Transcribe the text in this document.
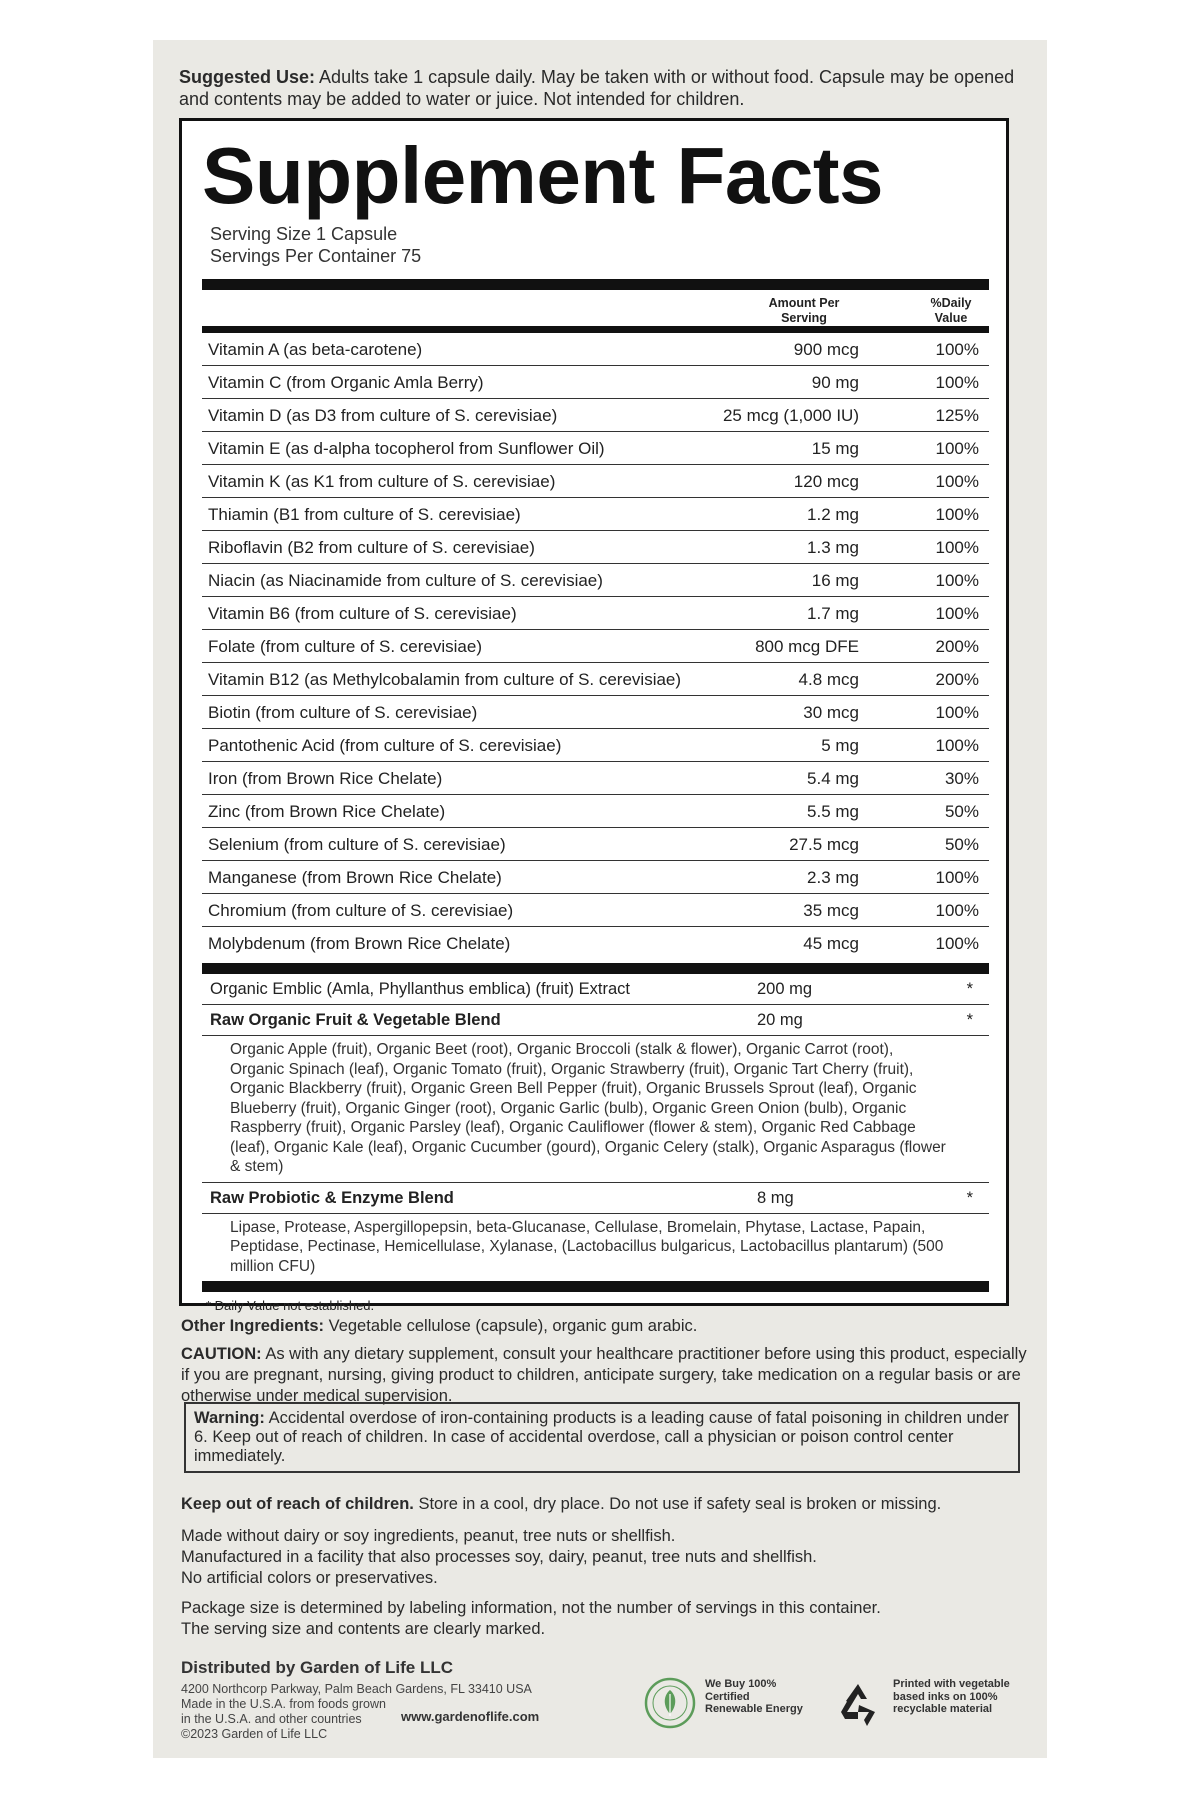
Suggested Use: Adults take 1 capsule daily. May be taken with or without food. Capsule may be opened and contents may be added to water or juice. Not intended for children.
Supplement Facts
Serving Size 1 Capsule
Servings Per Container 75
Amount Per Serving
%Daily Value
Vitamin A (as beta-carotene)	900 mcg	100%
Vitamin C (from Organic Amla Berry)	90 mg	100%
Vitamin D (as D3 from culture of S. cerevisiae)	25 mcg (1,000 IU)	125%
Vitamin E (as d-alpha tocopherol from Sunflower Oil)	15 mg	100%
Vitamin K (as K1 from culture of S. cerevisiae)	120 mcg	100%
Thiamin (B1 from culture of S. cerevisiae)	1.2 mg	100%
Riboflavin (B2 from culture of S. cerevisiae)	1.3 mg	100%
Niacin (as Niacinamide from culture of S. cerevisiae)	16 mg	100%
Vitamin B6 (from culture of S. cerevisiae)	1.7 mg	100%
Folate (from culture of S. cerevisiae)	800 mcg DFE	200%
Vitamin B12 (as Methylcobalamin from culture of S. cerevisiae)	4.8 mcg	200%
Biotin (from culture of S. cerevisiae)	30 mcg	100%
Pantothenic Acid (from culture of S. cerevisiae)	5 mg	100%
Iron (from Brown Rice Chelate)	5.4 mg	30%
Zinc (from Brown Rice Chelate)	5.5 mg	50%
Selenium (from culture of S. cerevisiae)	27.5 mcg	50%
Manganese (from Brown Rice Chelate)	2.3 mg	100%
Chromium (from culture of S. cerevisiae)	35 mcg	100%
Molybdenum (from Brown Rice Chelate)	45 mcg	100%
Organic Emblic (Amla, Phyllanthus emblica) (fruit) Extract	200 mg	*
Raw Organic Fruit & Vegetable Blend	20 mg	*
Organic Apple (fruit), Organic Beet (root), Organic Broccoli (stalk & flower), Organic Carrot (root), Organic Spinach (leaf), Organic Tomato (fruit), Organic Strawberry (fruit), Organic Tart Cherry (fruit), Organic Blackberry (fruit), Organic Green Bell Pepper (fruit), Organic Brussels Sprout (leaf), Organic Blueberry (fruit), Organic Ginger (root), Organic Garlic (bulb), Organic Green Onion (bulb), Organic Raspberry (fruit), Organic Parsley (leaf), Organic Cauliflower (flower & stem), Organic Red Cabbage (leaf), Organic Kale (leaf), Organic Cucumber (gourd), Organic Celery (stalk), Organic Asparagus (flower & stem)
Raw Probiotic & Enzyme Blend	8 mg	*
Lipase, Protease, Aspergillopepsin, beta-Glucanase, Cellulase, Bromelain, Phytase, Lactase, Papain, Peptidase, Pectinase, Hemicellulase, Xylanase, (Lactobacillus bulgaricus, Lactobacillus plantarum) (500 million CFU)
* Daily Value not established.
Other Ingredients: Vegetable cellulose (capsule), organic gum arabic.
CAUTION: As with any dietary supplement, consult your healthcare practitioner before using this product, especially if you are pregnant, nursing, giving product to children, anticipate surgery, take medication on a regular basis or are otherwise under medical supervision.
Warning: Accidental overdose of iron-containing products is a leading cause of fatal poisoning in children under 6. Keep out of reach of children. In case of accidental overdose, call a physician or poison control center immediately.
Keep out of reach of children. Store in a cool, dry place. Do not use if safety seal is broken or missing.
Made without dairy or soy ingredients, peanut, tree nuts or shellfish.
Manufactured in a facility that also processes soy, dairy, peanut, tree nuts and shellfish.
No artificial colors or preservatives.
Package size is determined by labeling information, not the number of servings in this container.
The serving size and contents are clearly marked.
Distributed by Garden of Life LLC
4200 Northcorp Parkway, Palm Beach Gardens, FL 33410 USA
Made in the U.S.A. from foods grown in the U.S.A. and other countries
©2023 Garden of Life LLC
www.gardenoflife.com
We Buy 100% Certified Renewable Energy
Printed with vegetable based inks on 100% recyclable material
